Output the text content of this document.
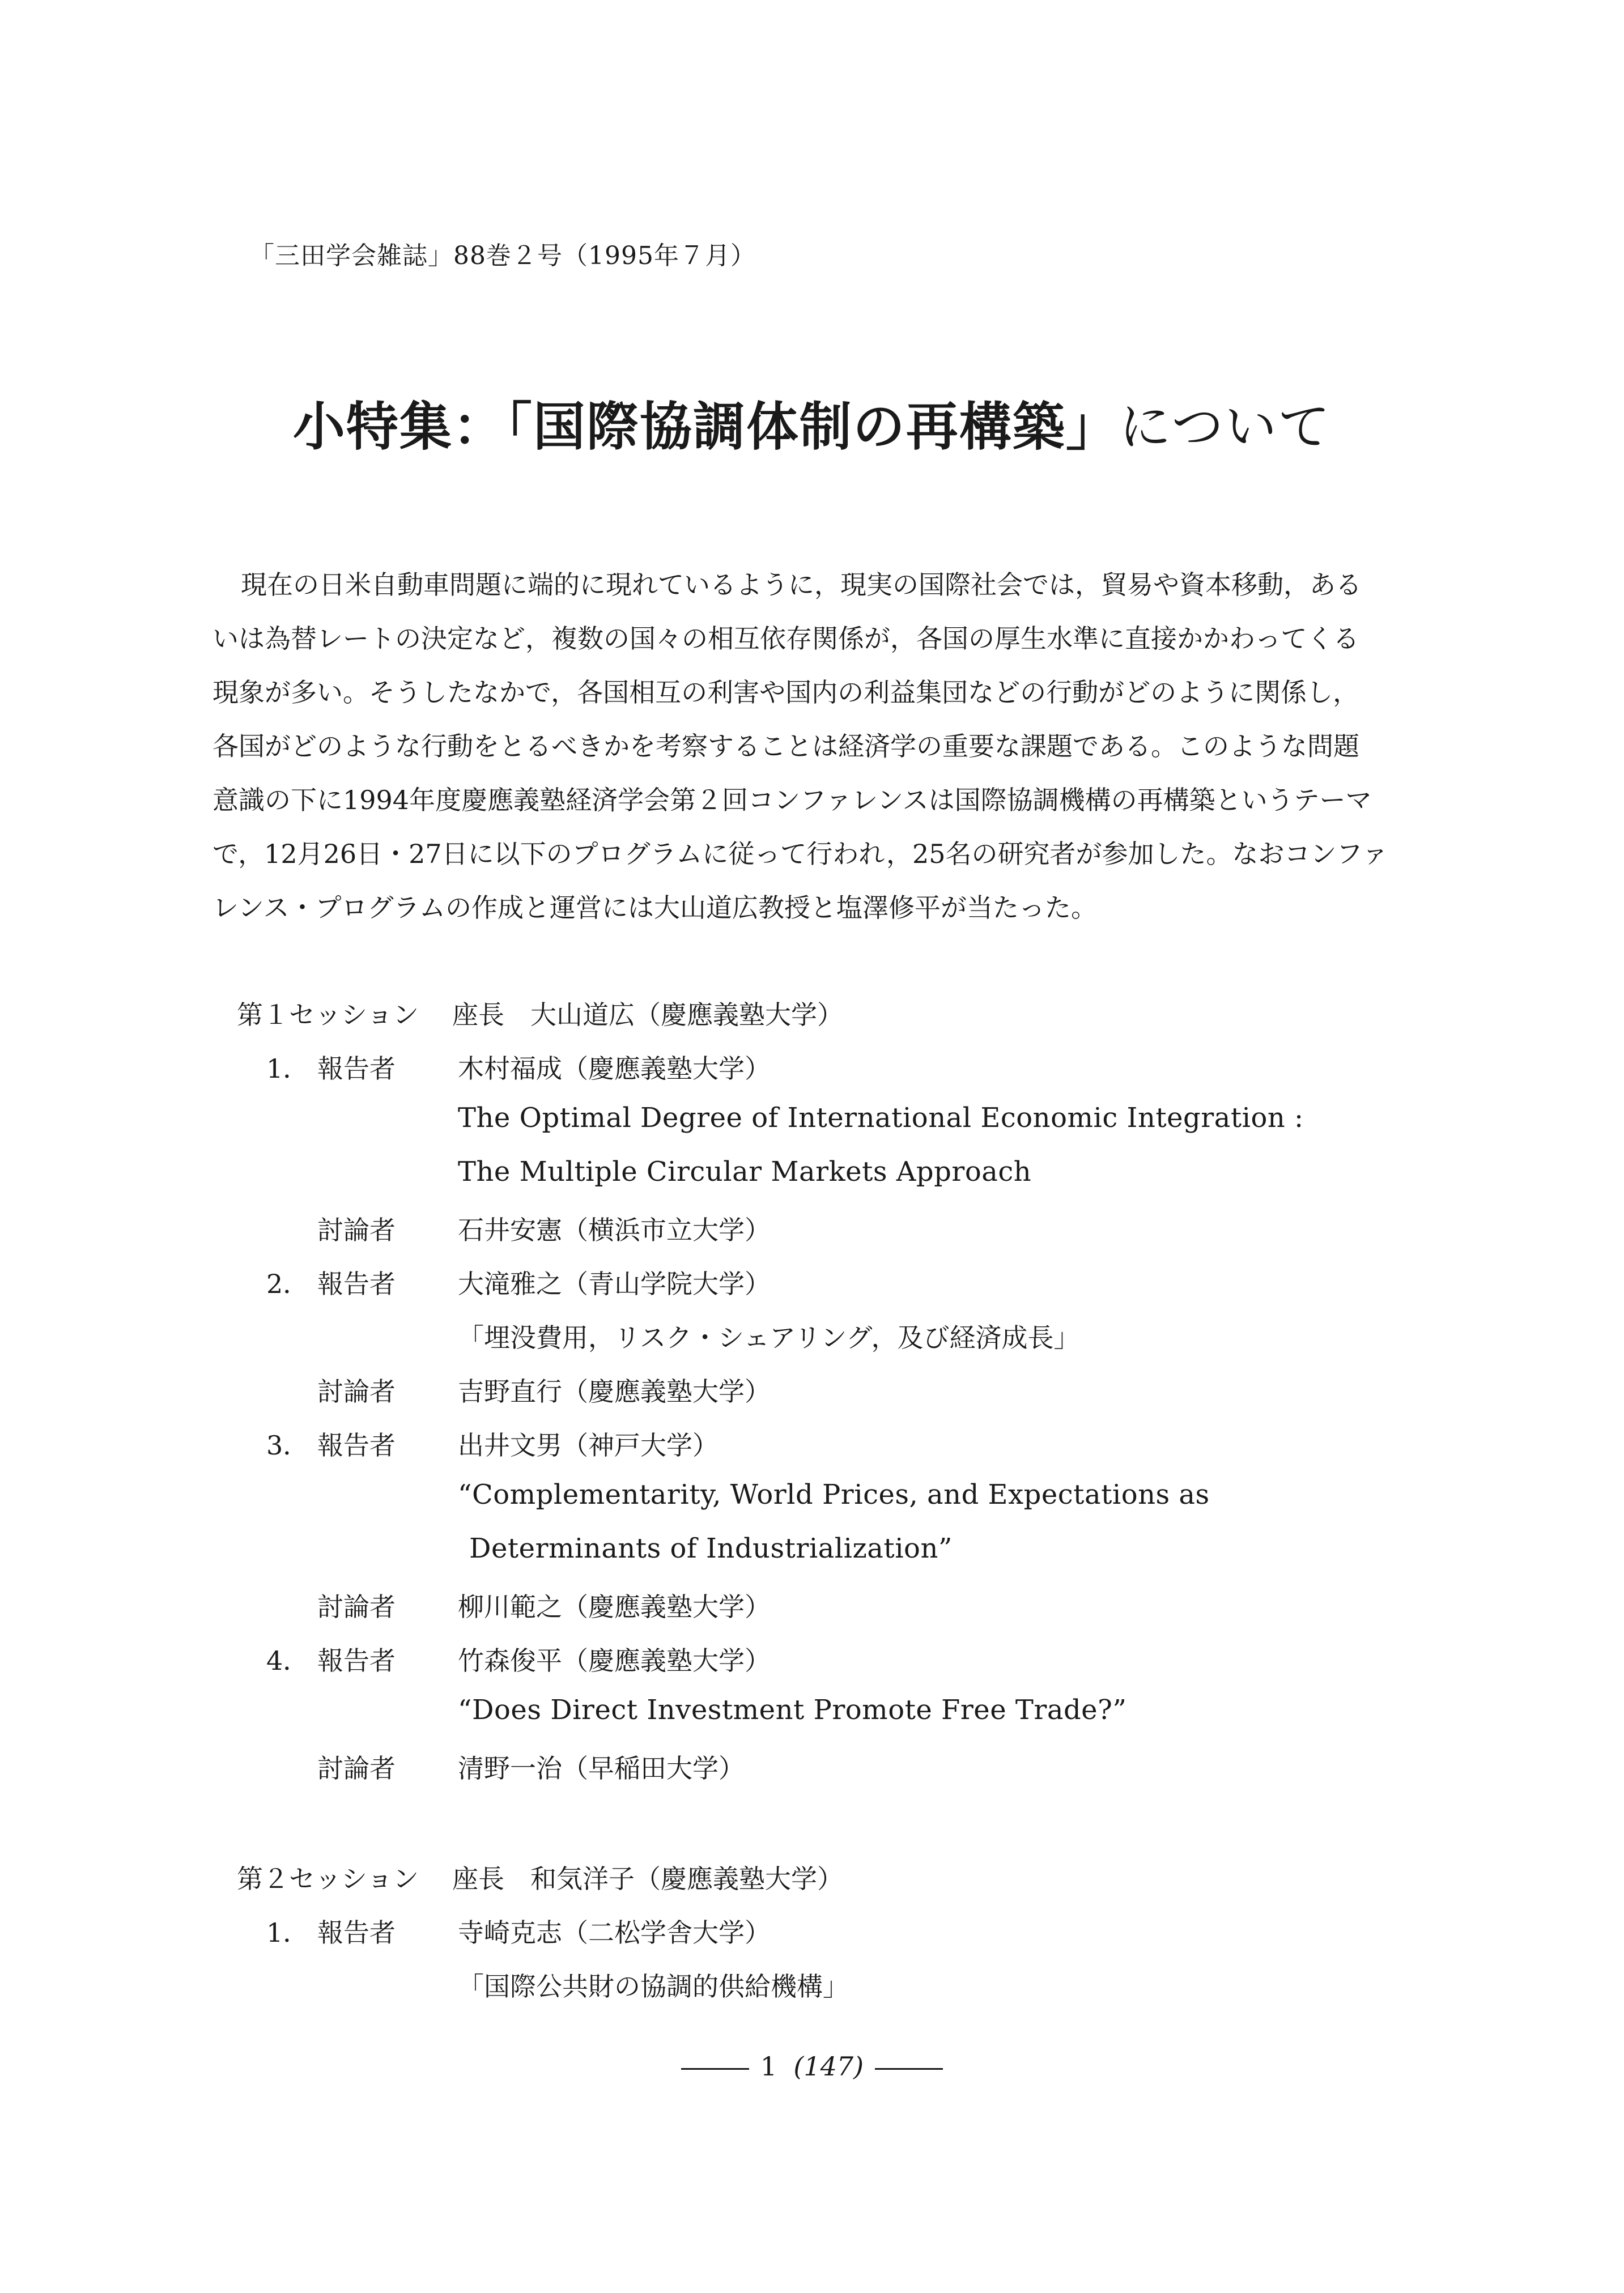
「三田学会雑誌」88巻２号（1995年７月）
小特集：「国際協調体制の再構築」について
現在の日米自動車問題に端的に現れているように，現実の国際社会では，貿易や資本移動，ある
いは為替レートの決定など，複数の国々の相互依存関係が，各国の厚生水準に直接かかわってくる
現象が多い。そうしたなかで，各国相互の利害や国内の利益集団などの行動がどのように関係し，
各国がどのような行動をとるべきかを考察することは経済学の重要な課題である。このような問題
意識の下に1994年度慶應義塾経済学会第２回コンファレンスは国際協調機構の再構築というテーマ
で，12月26日・27日に以下のプログラムに従って行われ，25名の研究者が参加した。なおコンファ
レンス・プログラムの作成と運営には大山道広教授と塩澤修平が当たった。
第１セッション 座長　大山道広（慶應義塾大学）
1． 報告者	木村福成（慶應義塾大学）
The Optimal Degree of International Economic Integration :
The Multiple Circular Markets Approach
討論者	石井安憲（横浜市立大学）
2． 報告者	大滝雅之（青山学院大学）
「埋没費用，リスク・シェアリング，及び経済成長」
討論者	吉野直行（慶應義塾大学）
3． 報告者	出井文男（神戸大学）
“Complementarity, World Prices, and Expectations as
Determinants of Industrialization”
討論者	柳川範之（慶應義塾大学）
4． 報告者	竹森俊平（慶應義塾大学）
“Does Direct Investment Promote Free Trade?”
討論者	清野一治（早稲田大学）
第２セッション 座長　和気洋子（慶應義塾大学）
1． 報告者	寺崎克志（二松学舎大学）
「国際公共財の協調的供給機構」
1 (147)
